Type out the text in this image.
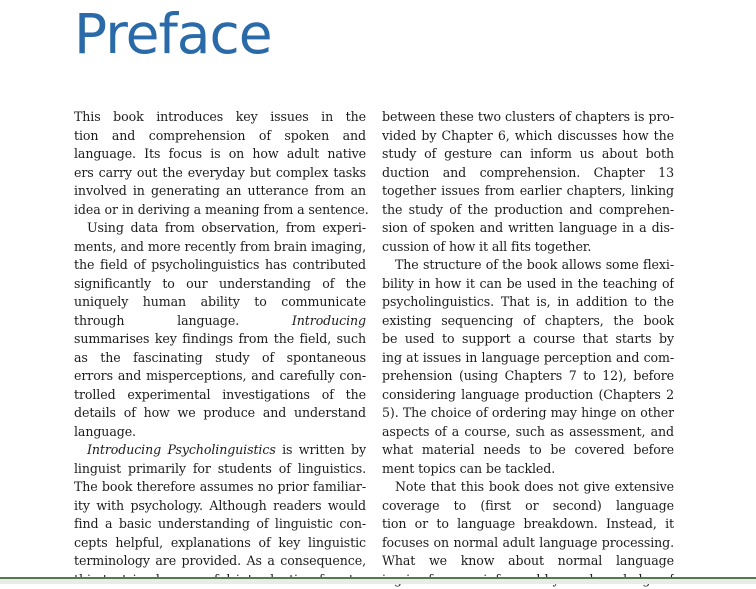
Preface
This book introduces key issues in the
tion and comprehension of spoken and
language. Its focus is on how adult native
ers carry out the everyday but complex tasks
involved in generating an utterance from an
idea or in deriving a meaning from a sentence.
Using data from observation, from experi-
ments, and more recently from brain imaging,
the field of psycholinguistics has contributed
significantly to our understanding of the
uniquely human ability to communicate
through language.	Introducing
summarises key findings from the field, such
as the fascinating study of spontaneous
errors and misperceptions, and carefully con-
trolled experimental investigations of the
details of how we produce and understand
language.
Introducing Psycholinguistics is written by
linguist primarily for students of linguistics.
The book therefore assumes no prior familiar-
ity with psychology. Although readers would
find a basic understanding of linguistic con-
cepts helpful, explanations of key linguistic
terminology are provided. As a consequence,
between these two clusters of chapters is pro-
vided by Chapter 6, which discusses how the
study of gesture can inform us about both
duction and comprehension. Chapter 13
together issues from earlier chapters, linking
the study of the production and comprehen-
sion of spoken and written language in a dis-
cussion of how it all fits together.
The structure of the book allows some flexi-
bility in how it can be used in the teaching of
psycholinguistics. That is, in addition to the
existing sequencing of chapters, the book
be used to support a course that starts by
ing at issues in language perception and com-
prehension (using Chapters 7 to 12), before
considering language production (Chapters 2
5). The choice of ordering may hinge on other
aspects of a course, such as assessment, and
what material needs to be covered before
ment topics can be tackled.
Note that this book does not give extensive
coverage to (first or second) language
tion or to language breakdown. Instead, it
focuses on normal adult language processing.
What we know about normal language
